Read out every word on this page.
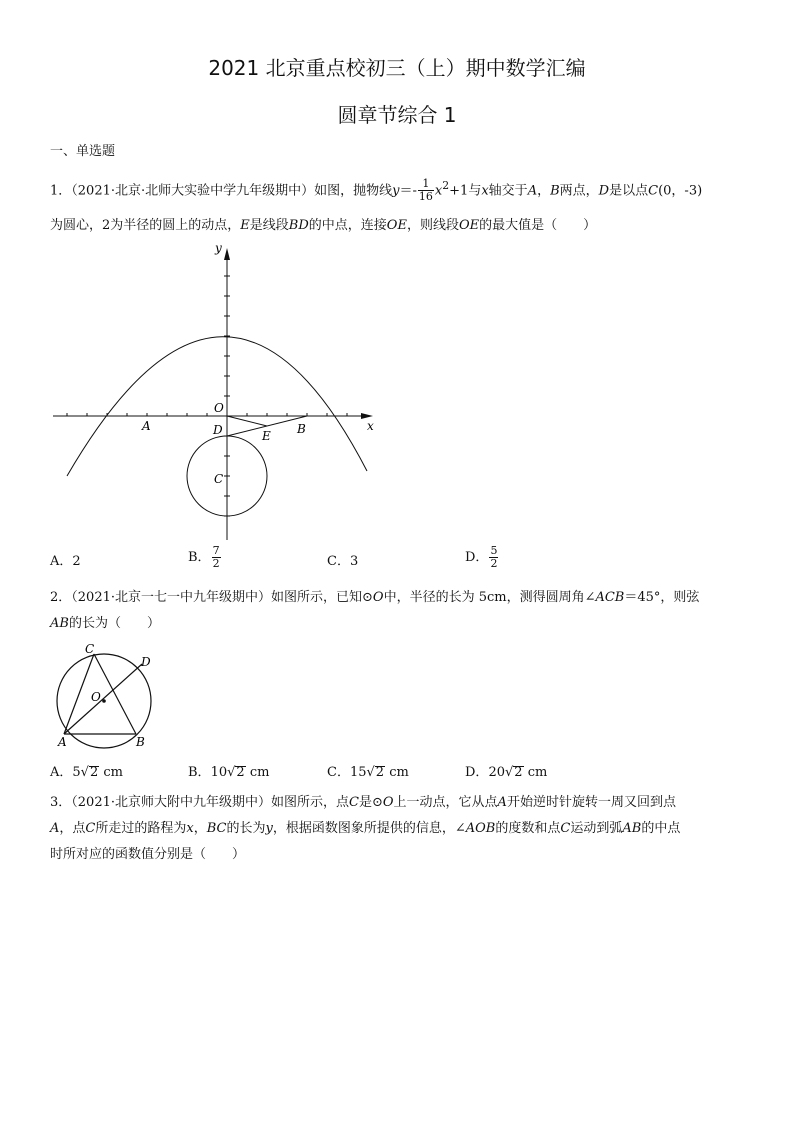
2021 北京重点校初三（上）期中数学汇编
圆章节综合 1
一、单选题
1．（2021·北京·北师大实验中学九年级期中）如图，抛物线$y=- \frac{1}{16} x^2+1$与x轴交于A，B两点，D是以点C(0，-3)
为圆心，2为半径的圆上的动点，E是线段BD的中点，连接OE，则线段OE的最大值是（　　）
y
x
O
A	B
D	E
C
A．2	B． $\frac{7}{2}$	C．3	D． $\frac{5}{2}$
2．（2021·北京一七一中九年级期中）如图所示，已知⊙O中，半径的长为 5cm，测得圆周角∠ACB＝45°，则弦
AB的长为（　　）
C
D
O
A	B
A．5√2 cm	B．10√2 cm	C．15√2 cm	D．20√2 cm
3．（2021·北京师大附中九年级期中）如图所示，点C是⊙O上一动点，它从点A开始逆时针旋转一周又回到点
A，点C所走过的路程为x，BC的长为y，根据函数图象所提供的信息，∠AOB的度数和点C运动到弧AB的中点
时所对应的函数值分别是（　　）
